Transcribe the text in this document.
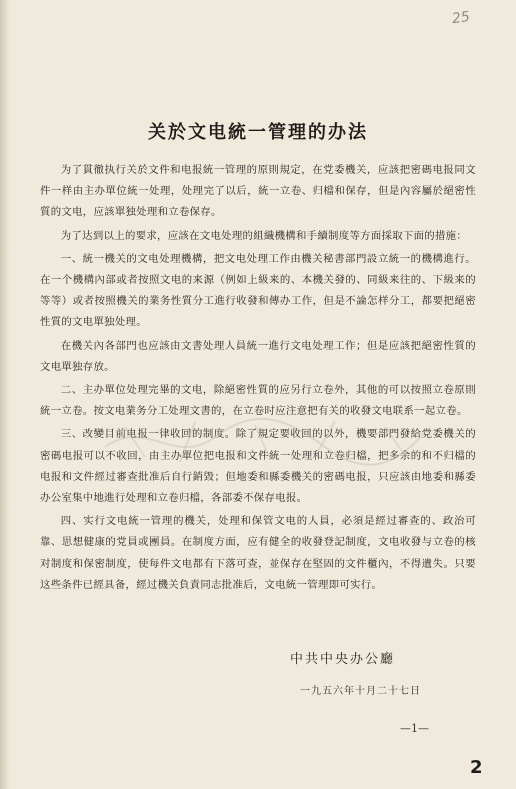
25
关於文电統一管理的办法

为了貫徹执行关於文件和电报統一管理的原則規定，在党委機关，应該把密碼电报同文件一样由主办單位統一处理，处理完了以后，統一立卷、归檔和保存，但是內容屬於絕密性質的文电，应該單独处理和立卷保存。

为了达到以上的要求，应該在文电处理的組織機構和手續制度等方面採取下面的措施：

一、統一機关的文电处理機構，把文电处理工作由機关秘書部門設立統一的機構進行。在一个機構內部或者按照文电的来源（例如上級来的、本機关發的、同級来往的、下級来的等等）或者按照機关的業务性質分工進行收發和傳办工作，但是不論怎样分工，都要把絕密性質的文电單独处理。

在機关內各部門也应該由文書处理人員統一進行文电处理工作；但是应該把絕密性質的文电單独存放。

二、主办單位处理完畢的文电，除絕密性質的应另行立卷外，其他的可以按照立卷原則統一立卷。按文电業务分工处理文書的，在立卷时应注意把有关的收發文电联系一起立卷。

三、改變目前电报一律收回的制度。除了規定要收回的以外，機要部門發給党委機关的密碼电报可以不收回，由主办單位把电报和文件統一处理和立卷归檔，把多余的和不归檔的电报和文件經过審查批准后自行銷毀；但地委和縣委機关的密碼电报，只应該由地委和縣委办公室集中地進行处理和立卷归檔，各部委不保存电报。

四、实行文电統一管理的機关，处理和保管文电的人員，必須是經过審查的、政治可靠、思想健康的党員或團員。在制度方面，应有健全的收發登記制度，文电收發与立卷的核对制度和保密制度，使每件文电都有下落可查，並保存在堅固的文件櫃內，不得遺失。只要这些条件已經具备，經过機关負責同志批准后，文电統一管理即可实行。

中共中央办公廳
一九五六年十月二十七日
—1—
2
